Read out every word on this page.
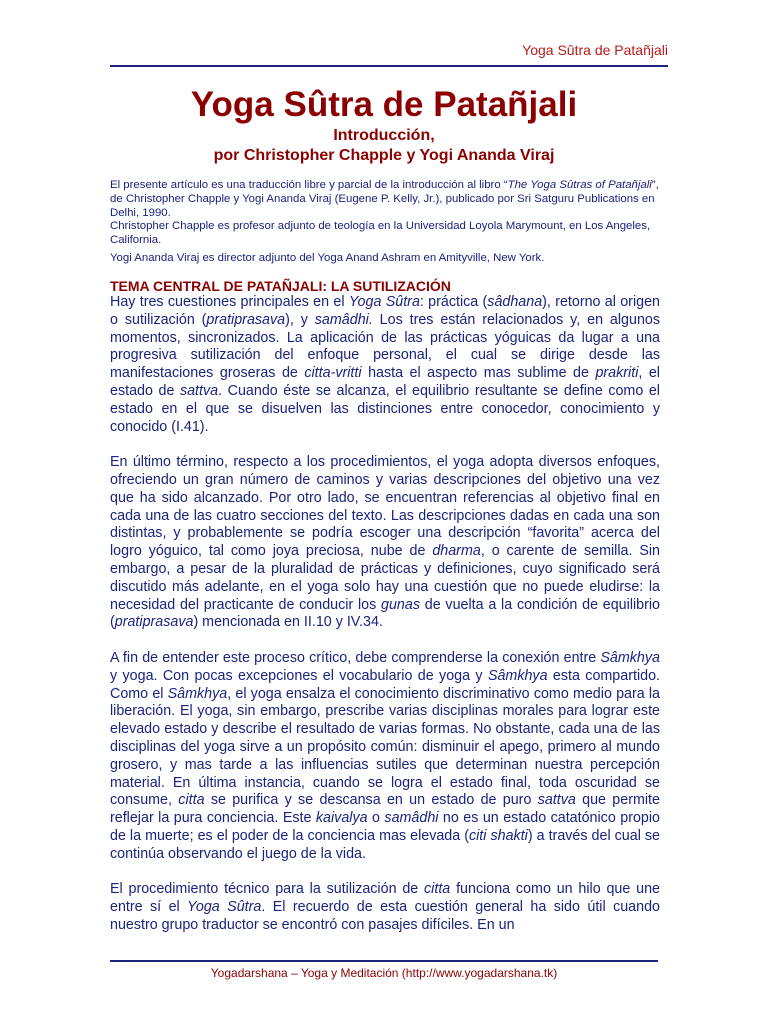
Yoga Sûtra de Patañjali
Yoga Sûtra de Patañjali
Introducción,
por Christopher Chapple y Yogi Ananda Viraj

El presente artículo es una traducción libre y parcial de la introducción al libro “The Yoga Sûtras of Patañjali”, de Christopher Chapple y Yogi Ananda Viraj (Eugene P. Kelly, Jr.), publicado por Sri Satguru Publications en Delhi, 1990.

Christopher Chapple es profesor adjunto de teología en la Universidad Loyola Marymount, en Los Angeles, California.

Yogi Ananda Viraj es director adjunto del Yoga Anand Ashram en Amityville, New York.

TEMA CENTRAL DE PATAÑJALI: LA SUTILIZACIÓN

Hay tres cuestiones principales en el Yoga Sûtra: práctica (sâdhana), retorno al origen o sutilización (pratiprasava), y samâdhi. Los tres están relacionados y, en algunos momentos, sincronizados. La aplicación de las prácticas yóguicas da lugar a una progresiva sutilización del enfoque personal, el cual se dirige desde las manifestaciones groseras de citta-vritti hasta el aspecto mas sublime de prakriti, el estado de sattva. Cuando éste se alcanza, el equilibrio resultante se define como el estado en el que se disuelven las distinciones entre conocedor, conocimiento y conocido (I.41).

En último término, respecto a los procedimientos, el yoga adopta diversos enfoques, ofreciendo un gran número de caminos y varias descripciones del objetivo una vez que ha sido alcanzado. Por otro lado, se encuentran referencias al objetivo final en cada una de las cuatro secciones del texto. Las descripciones dadas en cada una son distintas, y probablemente se podría escoger una descripción “favorita” acerca del logro yóguico, tal como joya preciosa, nube de dharma, o carente de semilla. Sin embargo, a pesar de la pluralidad de prácticas y definiciones, cuyo significado será discutido más adelante, en el yoga solo hay una cuestión que no puede eludirse: la necesidad del practicante de conducir los gunas de vuelta a la condición de equilibrio (pratiprasava) mencionada en II.10 y IV.34.

A fin de entender este proceso crítico, debe comprenderse la conexión entre Sâmkhya y yoga. Con pocas excepciones el vocabulario de yoga y Sâmkhya esta compartido. Como el Sâmkhya, el yoga ensalza el conocimiento discriminativo como medio para la liberación. El yoga, sin embargo, prescribe varias disciplinas morales para lograr este elevado estado y describe el resultado de varias formas. No obstante, cada una de las disciplinas del yoga sirve a un propósito común: disminuir el apego, primero al mundo grosero, y mas tarde a las influencias sutiles que determinan nuestra percepción material. En última instancia, cuando se logra el estado final, toda oscuridad se consume, citta se purifica y se descansa en un estado de puro sattva que permite reflejar la pura conciencia. Este kaivalya o samâdhi no es un estado catatónico propio de la muerte; es el poder de la conciencia mas elevada (citi shakti) a través del cual se continúa observando el juego de la vida.

El procedimiento técnico para la sutilización de citta funciona como un hilo que une entre sí el Yoga Sûtra. El recuerdo de esta cuestión general ha sido útil cuando nuestro grupo traductor se encontró con pasajes difíciles. En un

Yogadarshana – Yoga y Meditación (http://www.yogadarshana.tk)
